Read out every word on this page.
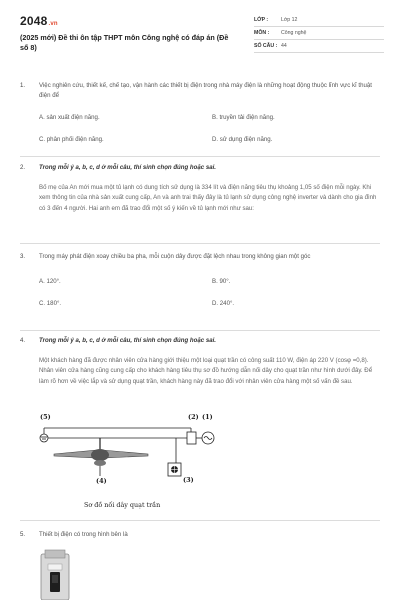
2048.vn
(2025 mới) Đề thi ôn tập THPT môn Công nghệ có đáp án (Đề số 8)
LỚP :	Lớp 12
MÔN :	Công nghệ
SỐ CÂU : 44
1.	Việc nghiên cứu, thiết kế, chế tạo, vận hành các thiết bị điện trong nhà máy điện là những hoạt động thuộc lĩnh vực kĩ thuật điện để
A. sản xuất điện năng.	B. truyền tải điện năng.
C. phân phối điện năng.	D. sử dụng điện năng.
2.	Trong mỗi ý a, b, c, d ở mỗi câu, thí sinh chọn đúng hoặc sai.
Bố mẹ của An mới mua một tủ lạnh có dung tích sử dụng là 334 lít và điện năng tiêu thụ khoảng 1,05 số điện mỗi ngày. Khi xem thông tin của nhà sản xuất cung cấp, An và anh trai thấy đây là tủ lạnh sử dụng công nghệ inverter và dành cho gia đình có 3 đến 4 người. Hai anh em đã trao đổi một số ý kiến về tủ lạnh mới như sau:
3.	Trong máy phát điện xoay chiều ba pha, mỗi cuộn dây được đặt lệch nhau trong không gian một góc
A. 120°.	B. 90°.
C. 180°.	D. 240°.
4.	Trong mỗi ý a, b, c, d ở mỗi câu, thí sinh chọn đúng hoặc sai.
Một khách hàng đã được nhân viên cửa hàng giới thiệu một loại quạt trần có công suất 110 W, điện áp 220 V (cosφ =0,8). Nhân viên cửa hàng cũng cung cấp cho khách hàng tiêu thụ sơ đồ hướng dẫn nối dây cho quạt trần như hình dưới đây. Để làm rõ hơn về việc lắp và sử dụng quạt trần, khách hàng này đã trao đổi với nhân viên cửa hàng một số vấn đề sau.
(5)	(2) (1)
(4)	(3)
Sơ đồ nối dây quạt trần
5.	Thiết bị điện có trong hình bên là
